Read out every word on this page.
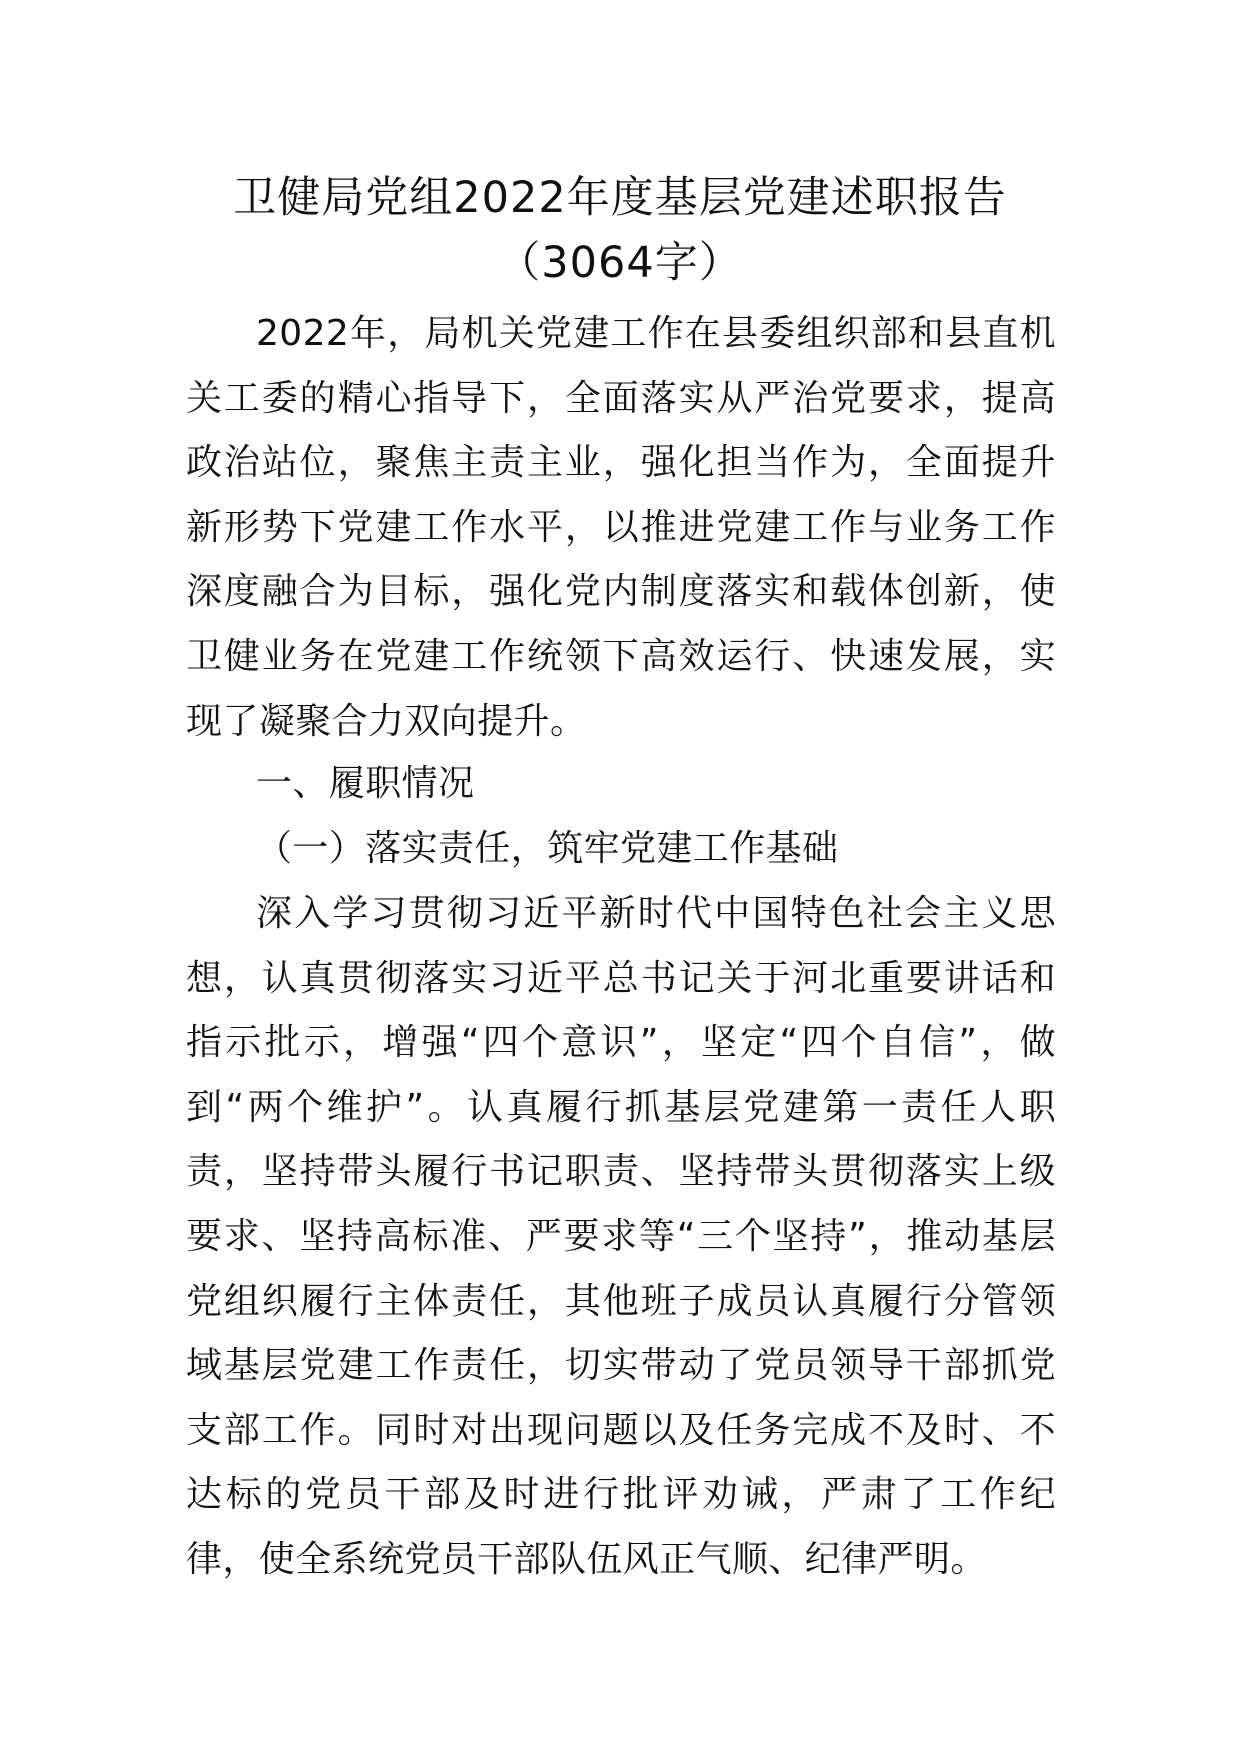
卫健局党组2022年度基层党建述职报告
（3064字）

2022年，局机关党建工作在县委组织部和县直机关工委的精心指导下，全面落实从严治党要求，提高政治站位，聚焦主责主业，强化担当作为，全面提升新形势下党建工作水平，以推进党建工作与业务工作深度融合为目标，强化党内制度落实和载体创新，使卫健业务在党建工作统领下高效运行、快速发展，实现了凝聚合力双向提升。

一、履职情况

（一）落实责任，筑牢党建工作基础

深入学习贯彻习近平新时代中国特色社会主义思想，认真贯彻落实习近平总书记关于河北重要讲话和指示批示，增强“四个意识”，坚定“四个自信”，做到“两个维护”。认真履行抓基层党建第一责任人职责，坚持带头履行书记职责、坚持带头贯彻落实上级要求、坚持高标准、严要求等“三个坚持”，推动基层党组织履行主体责任，其他班子成员认真履行分管领域基层党建工作责任，切实带动了党员领导干部抓党支部工作。同时对出现问题以及任务完成不及时、不达标的党员干部及时进行批评劝诫，严肃了工作纪律，使全系统党员干部队伍风正气顺、纪律严明。
